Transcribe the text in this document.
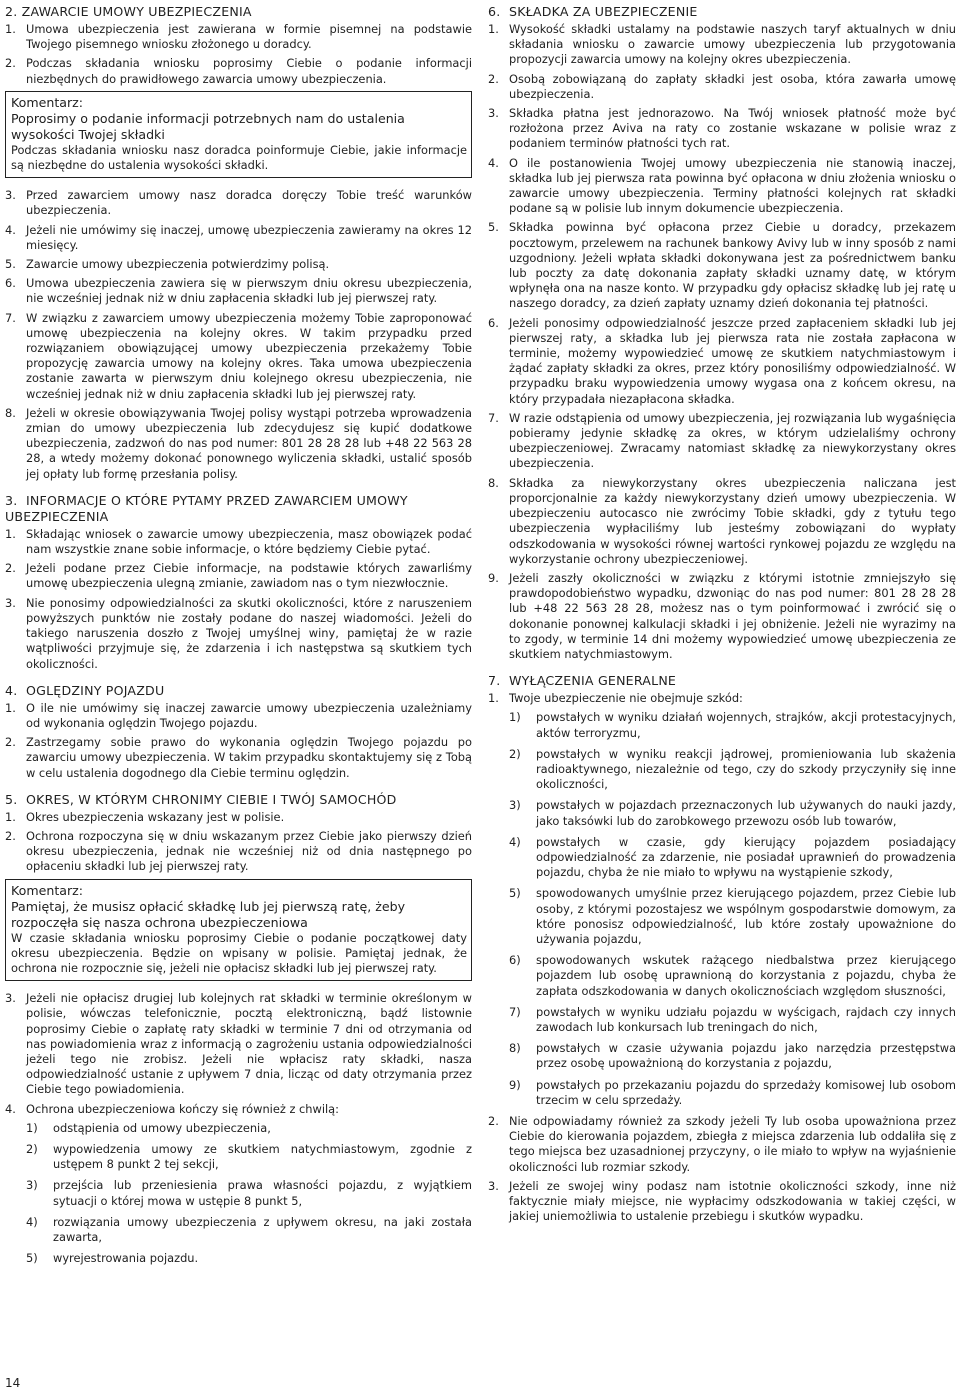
2. ZAWARCIE UMOWY UBEZPIECZENIA
1. Umowa ubezpieczenia jest zawierana w formie pisemnej na podstawie Twojego pisemnego wniosku złożonego u doradcy.
2. Podczas składania wniosku poprosimy Ciebie o podanie informacji niezbędnych do prawidłowego zawarcia umowy ubezpieczenia.
Komentarz:
Poprosimy o podanie informacji potrzebnych nam do ustalenia wysokości Twojej składki
Podczas składania wniosku nasz doradca poinformuje Ciebie, jakie informacje są niezbędne do ustalenia wysokości składki.
3. Przed zawarciem umowy nasz doradca doręczy Tobie treść warunków ubezpieczenia.
4. Jeżeli nie umówimy się inaczej, umowę ubezpieczenia zawieramy na okres 12 miesięcy.
5. Zawarcie umowy ubezpieczenia potwierdzimy polisą.
6. Umowa ubezpieczenia zawiera się w pierwszym dniu okresu ubezpieczenia, nie wcześniej jednak niż w dniu zapłacenia składki lub jej pierwszej raty.
7. W związku z zawarciem umowy ubezpieczenia możemy Tobie zaproponować umowę ubezpieczenia na kolejny okres. W takim przypadku przed rozwiązaniem obowiązującej umowy ubezpieczenia przekażemy Tobie propozycję zawarcia umowy na kolejny okres. Taka umowa ubezpieczenia zostanie zawarta w pierwszym dniu kolejnego okresu ubezpieczenia, nie wcześniej jednak niż w dniu zapłacenia składki lub jej pierwszej raty.
8. Jeżeli w okresie obowiązywania Twojej polisy wystąpi potrzeba wprowadzenia zmian do umowy ubezpieczenia lub zdecydujesz się kupić dodatkowe ubezpieczenia, zadzwoń do nas pod numer: 801 28 28 28 lub +48 22 563 28 28, a wtedy możemy dokonać ponownego wyliczenia składki, ustalić sposób jej opłaty lub formę przesłania polisy.
3. INFORMACJE O KTÓRE PYTAMY PRZED ZAWARCIEM UMOWY UBEZPIECZENIA
1. Składając wniosek o zawarcie umowy ubezpieczenia, masz obowiązek podać nam wszystkie znane sobie informacje, o które będziemy Ciebie pytać.
2. Jeżeli podane przez Ciebie informacje, na podstawie których zawarliśmy umowę ubezpieczenia ulegną zmianie, zawiadom nas o tym niezwłocznie.
3. Nie ponosimy odpowiedzialności za skutki okoliczności, które z naruszeniem powyższych punktów nie zostały podane do naszej wiadomości. Jeżeli do takiego naruszenia doszło z Twojej umyślnej winy, pamiętaj że w razie wątpliwości przyjmuje się, że zdarzenia i ich następstwa są skutkiem tych okoliczności.
4. OGLĘDZINY POJAZDU
1. O ile nie umówimy się inaczej zawarcie umowy ubezpieczenia uzależniamy od wykonania oględzin Twojego pojazdu.
2. Zastrzegamy sobie prawo do wykonania oględzin Twojego pojazdu po zawarciu umowy ubezpieczenia. W takim przypadku skontaktujemy się z Tobą w celu ustalenia dogodnego dla Ciebie terminu oględzin.
5. OKRES, W KTÓRYM CHRONIMY CIEBIE I TWÓJ SAMOCHÓD
1. Okres ubezpieczenia wskazany jest w polisie.
2. Ochrona rozpoczyna się w dniu wskazanym przez Ciebie jako pierwszy dzień okresu ubezpieczenia, jednak nie wcześniej niż od dnia następnego po opłaceniu składki lub jej pierwszej raty.
Komentarz:
Pamiętaj, że musisz opłacić składkę lub jej pierwszą ratę, żeby rozpoczęła się nasza ochrona ubezpieczeniowa
W czasie składania wniosku poprosimy Ciebie o podanie początkowej daty okresu ubezpieczenia. Będzie on wpisany w polisie. Pamiętaj jednak, że ochrona nie rozpocznie się, jeżeli nie opłacisz składki lub jej pierwszej raty.
3. Jeżeli nie opłacisz drugiej lub kolejnych rat składki w terminie określonym w polisie, wówczas telefonicznie, pocztą elektroniczną, bądź listownie poprosimy Ciebie o zapłatę raty składki w terminie 7 dni od otrzymania od nas powiadomienia wraz z informacją o zagrożeniu ustania odpowiedzialności jeżeli tego nie zrobisz. Jeżeli nie wpłacisz raty składki, nasza odpowiedzialność ustanie z upływem 7 dnia, licząc od daty otrzymania przez Ciebie tego powiadomienia.
4. Ochrona ubezpieczeniowa kończy się również z chwilą:
1)	odstąpienia od umowy ubezpieczenia,
2)	wypowiedzenia umowy ze skutkiem natychmiastowym, zgodnie z ustępem 8 punkt 2 tej sekcji,
3)	przejścia lub przeniesienia prawa własności pojazdu, z wyjątkiem sytuacji o której mowa w ustępie 8 punkt 5,
4)	rozwiązania umowy ubezpieczenia z upływem okresu, na jaki została zawarta,
5)	wyrejestrowania pojazdu.
6. SKŁADKA ZA UBEZPIECZENIE
1. Wysokość składki ustalamy na podstawie naszych taryf aktualnych w dniu składania wniosku o zawarcie umowy ubezpieczenia lub przygotowania propozycji zawarcia umowy na kolejny okres ubezpieczenia.
2. Osobą zobowiązaną do zapłaty składki jest osoba, która zawarła umowę ubezpieczenia.
3. Składka płatna jest jednorazowo. Na Twój wniosek płatność może być rozłożona przez Aviva na raty co zostanie wskazane w polisie wraz z podaniem terminów płatności tych rat.
4. O ile postanowienia Twojej umowy ubezpieczenia nie stanowią inaczej, składka lub jej pierwsza rata powinna być opłacona w dniu złożenia wniosku o zawarcie umowy ubezpieczenia. Terminy płatności kolejnych rat składki podane są w polisie lub innym dokumencie ubezpieczenia.
5. Składka powinna być opłacona przez Ciebie u doradcy, przekazem pocztowym, przelewem na rachunek bankowy Avivy lub w inny sposób z nami uzgodniony. Jeżeli wpłata składki dokonywana jest za pośrednictwem banku lub poczty za datę dokonania zapłaty składki uznamy datę, w którym wpłynęła ona na nasze konto. W przypadku gdy opłacisz składkę lub jej ratę u naszego doradcy, za dzień zapłaty uznamy dzień dokonania tej płatności.
6. Jeżeli ponosimy odpowiedzialność jeszcze przed zapłaceniem składki lub jej pierwszej raty, a składka lub jej pierwsza rata nie została zapłacona w terminie, możemy wypowiedzieć umowę ze skutkiem natychmiastowym i żądać zapłaty składki za okres, przez który ponosiliśmy odpowiedzialność. W przypadku braku wypowiedzenia umowy wygasa ona z końcem okresu, na który przypadała niezapłacona składka.
7. W razie odstąpienia od umowy ubezpieczenia, jej rozwiązania lub wygaśnięcia pobieramy jedynie składkę za okres, w którym udzielaliśmy ochrony ubezpieczeniowej. Zwracamy natomiast składkę za niewykorzystany okres ubezpieczenia.
8. Składka za niewykorzystany okres ubezpieczenia naliczana jest proporcjonalnie za każdy niewykorzystany dzień umowy ubezpieczenia. W ubezpieczeniu autocasco nie zwrócimy Tobie składki, gdy z tytułu tego ubezpieczenia wypłaciliśmy lub jesteśmy zobowiązani do wypłaty odszkodowania w wysokości równej wartości rynkowej pojazdu ze względu na wykorzystanie ochrony ubezpieczeniowej.
9. Jeżeli zaszły okoliczności w związku z którymi istotnie zmniejszyło się prawdopodobieństwo wypadku, dzwoniąc do nas pod numer: 801 28 28 28 lub +48 22 563 28 28, możesz nas o tym poinformować i zwrócić się o dokonanie ponownej kalkulacji składki i jej obniżenie. Jeżeli nie wyrazimy na to zgody, w terminie 14 dni możemy wypowiedzieć umowę ubezpieczenia ze skutkiem natychmiastowym.
7. WYŁĄCZENIA GENERALNE
1. Twoje ubezpieczenie nie obejmuje szkód:
1)	powstałych w wyniku działań wojennych, strajków, akcji protestacyjnych, aktów terroryzmu,
2)	powstałych w wyniku reakcji jądrowej, promieniowania lub skażenia radioaktywnego, niezależnie od tego, czy do szkody przyczyniły się inne okoliczności,
3)	powstałych w pojazdach przeznaczonych lub używanych do nauki jazdy, jako taksówki lub do zarobkowego przewozu osób lub towarów,
4)	powstałych w czasie, gdy kierujący pojazdem posiadający odpowiedzialność za zdarzenie, nie posiadał uprawnień do prowadzenia pojazdu, chyba że nie miało to wpływu na wystąpienie szkody,
5)	spowodowanych umyślnie przez kierującego pojazdem, przez Ciebie lub osoby, z którymi pozostajesz we wspólnym gospodarstwie domowym, za które ponosisz odpowiedzialność, lub które zostały upoważnione do używania pojazdu,
6)	spowodowanych wskutek rażącego niedbalstwa przez kierującego pojazdem lub osobę uprawnioną do korzystania z pojazdu, chyba że zapłata odszkodowania w danych okolicznościach względom słuszności,
7)	powstałych w wyniku udziału pojazdu w wyścigach, rajdach czy innych zawodach lub konkursach lub treningach do nich,
8)	powstałych w czasie używania pojazdu jako narzędzia przestępstwa przez osobę upoważnioną do korzystania z pojazdu,
9)	powstałych po przekazaniu pojazdu do sprzedaży komisowej lub osobom trzecim w celu sprzedaży.
2. Nie odpowiadamy również za szkody jeżeli Ty lub osoba upoważniona przez Ciebie do kierowania pojazdem, zbiegła z miejsca zdarzenia lub oddaliła się z tego miejsca bez uzasadnionej przyczyny, o ile miało to wpływ na wyjaśnienie okoliczności lub rozmiar szkody.
3. Jeżeli ze swojej winy podasz nam istotnie okoliczności szkody, inne niż faktycznie miały miejsce, nie wypłacimy odszkodowania w takiej części, w jakiej uniemożliwia to ustalenie przebiegu i skutków wypadku.
14
